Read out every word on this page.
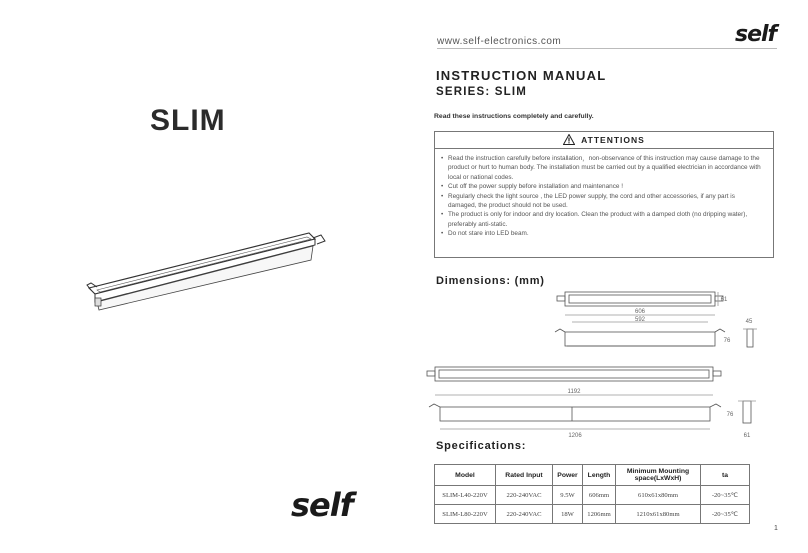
SLIM
self
www.self-electronics.com	self
INSTRUCTION MANUAL
SERIES: SLIM
Read these instructions completely and carefully.
ATTENTIONS
• Read the instruction carefully before installation，non-observance of this instruction may cause damage to the product or hurt to human body. The installation must be carried out by a qualified electrician in accordance with local or national codes.
• Cut off the power supply before installation and maintenance !
• Regularly check the light source , the LED power supply, the cord and other accessories, if any part is damaged, the product should not be used.
• The product is only for indoor and dry location. Clean the product with a damped cloth (no dripping water), preferably anti-static.
• Do not stare into LED beam.
Dimensions: (mm)
61
606
592	45
76
1192
1206
76
61
Specifications:
Model	Rated Input	Power	Length	Minimum Mounting space(LxWxH)	ta
SLIM-L40-220V	220-240VAC	9.5W	606mm	610x61x80mm	-20~35℃
SLIM-L80-220V	220-240VAC	18W	1206mm	1210x61x80mm	-20~35℃
1
